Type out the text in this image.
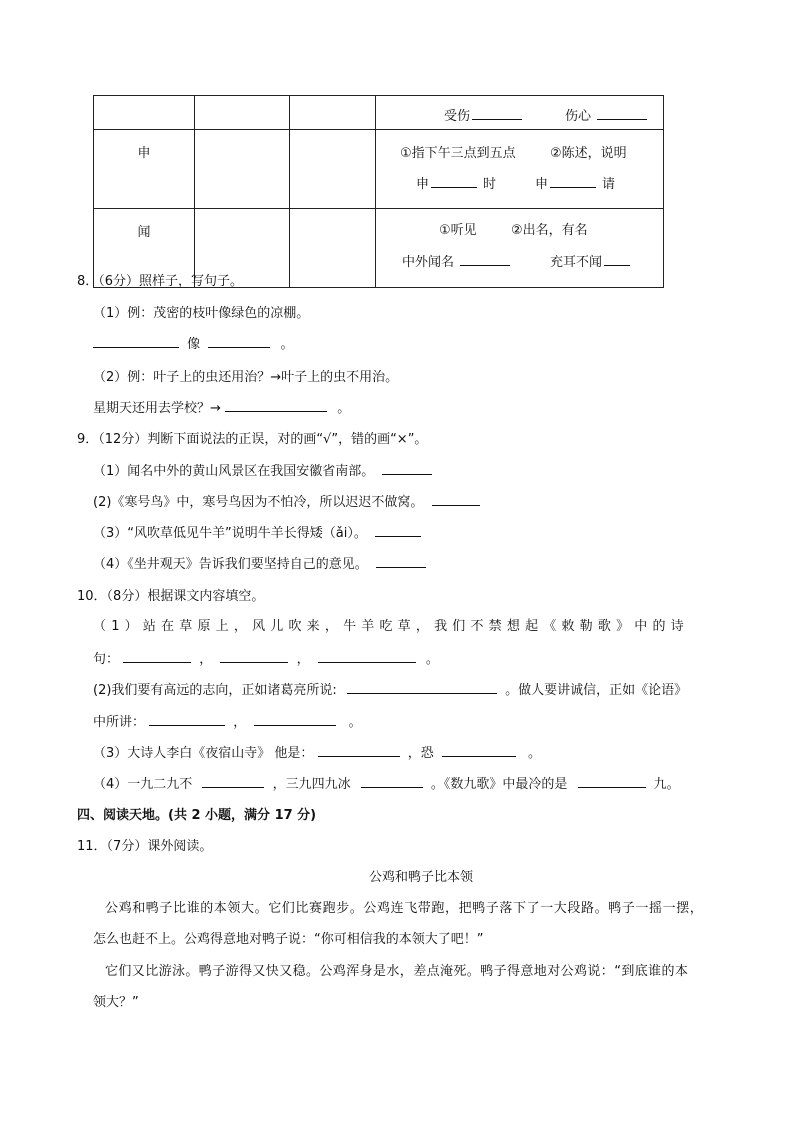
			受伤 伤心

申			①指下午三点到五点 ②陈述，说明
申 时 申 请

闻			①听见 ②出名，有名
中外闻名 充耳不闻
8．（6分）照样子，写句子。
（1）例：茂密的枝叶像绿色的凉棚。
像	。
（2）例：叶子上的虫还用治？→叶子上的虫不用治。
星期天还用去学校？→	。
9．（12分）判断下面说法的正误，对的画“√”，错的画“×”。
（1）闻名中外的黄山风景区在我国安徽省南部。
(2)《寒号鸟》中，寒号鸟因为不怕冷，所以迟迟不做窝。
（3）“风吹草低见牛羊”说明牛羊长得矮（ǎi）。
（4）《坐井观天》告诉我们要坚持自己的意见。
10．（8分）根据课文内容填空。
（1）站在草原上，风儿吹来，牛羊吃草，我们不禁想起《敕勒歌》中的诗
句：	，	，	。
(2)我们要有高远的志向，正如诸葛亮所说:	。做人要讲诚信，正如《论语》
中所讲：	，	。
（3）大诗人李白《夜宿山寺》 他是：	，恐	。
（4）一九二九不	，三九四九冰	。《数九歌》中最冷的是	九。
四、阅读天地。(共 2 小题，满分 17 分)
11．（7分）课外阅读。
公鸡和鸭子比本领
公鸡和鸭子比谁的本领大。它们比赛跑步。公鸡连飞带跑，把鸭子落下了一大段路。鸭子一摇一摆，
怎么也赶不上。公鸡得意地对鸭子说：“你可相信我的本领大了吧！”
它们又比游泳。鸭子游得又快又稳。公鸡浑身是水，差点淹死。鸭子得意地对公鸡说：“到底谁的本
领大？”
